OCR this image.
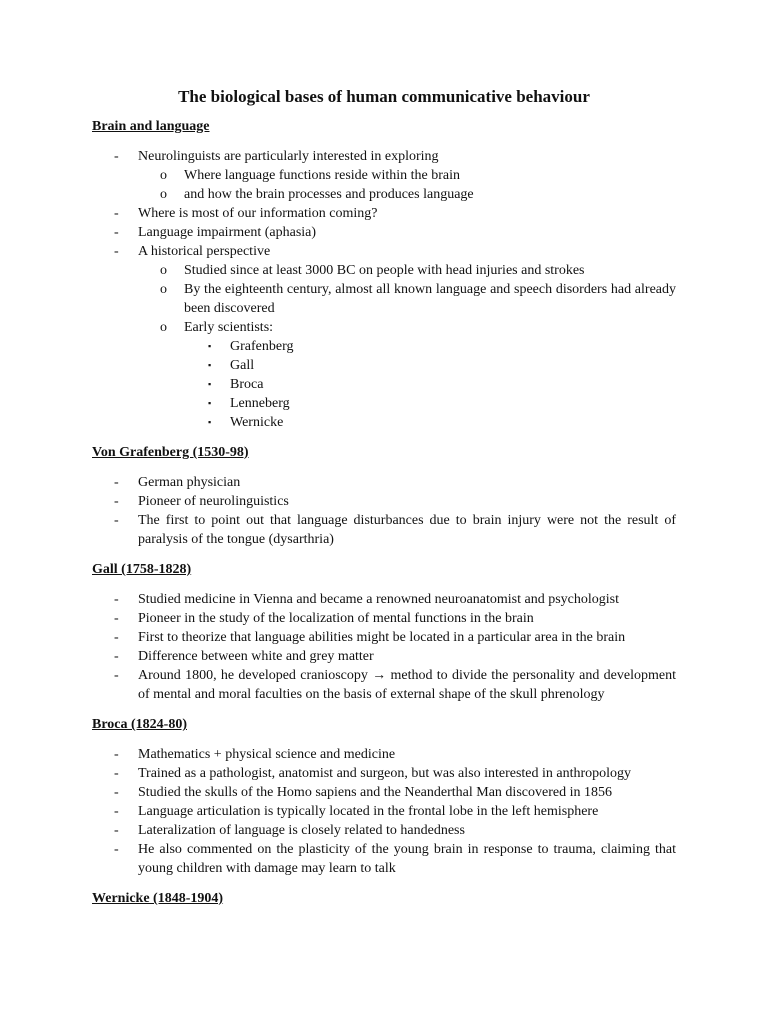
The biological bases of human communicative behaviour
Brain and language
-	Neurolinguists are particularly interested in exploring
o Where language functions reside within the brain
o and how the brain processes and produces language
-	Where is most of our information coming?
-	Language impairment (aphasia)
-	A historical perspective
o Studied since at least 3000 BC on people with head injuries and strokes
o By the eighteenth century, almost all known language and speech disorders had already been discovered
o Early scientists:
▪	Grafenberg
▪	Gall
▪	Broca
▪	Lenneberg
▪	Wernicke
Von Grafenberg (1530-98)
-	German physician
-	Pioneer of neurolinguistics
-	The first to point out that language disturbances due to brain injury were not the result of paralysis of the tongue (dysarthria)
Gall (1758-1828)
-	Studied medicine in Vienna and became a renowned neuroanatomist and psychologist
-	Pioneer in the study of the localization of mental functions in the brain
-	First to theorize that language abilities might be located in a particular area in the brain
-	Difference between white and grey matter
-	Around 1800, he developed cranioscopy → method to divide the personality and development of mental and moral faculties on the basis of external shape of the skull phrenology
Broca (1824-80)
-	Mathematics + physical science and medicine
-	Trained as a pathologist, anatomist and surgeon, but was also interested in anthropology
-	Studied the skulls of the Homo sapiens and the Neanderthal Man discovered in 1856
-	Language articulation is typically located in the frontal lobe in the left hemisphere
-	Lateralization of language is closely related to handedness
-	He also commented on the plasticity of the young brain in response to trauma, claiming that young children with damage may learn to talk
Wernicke (1848-1904)
